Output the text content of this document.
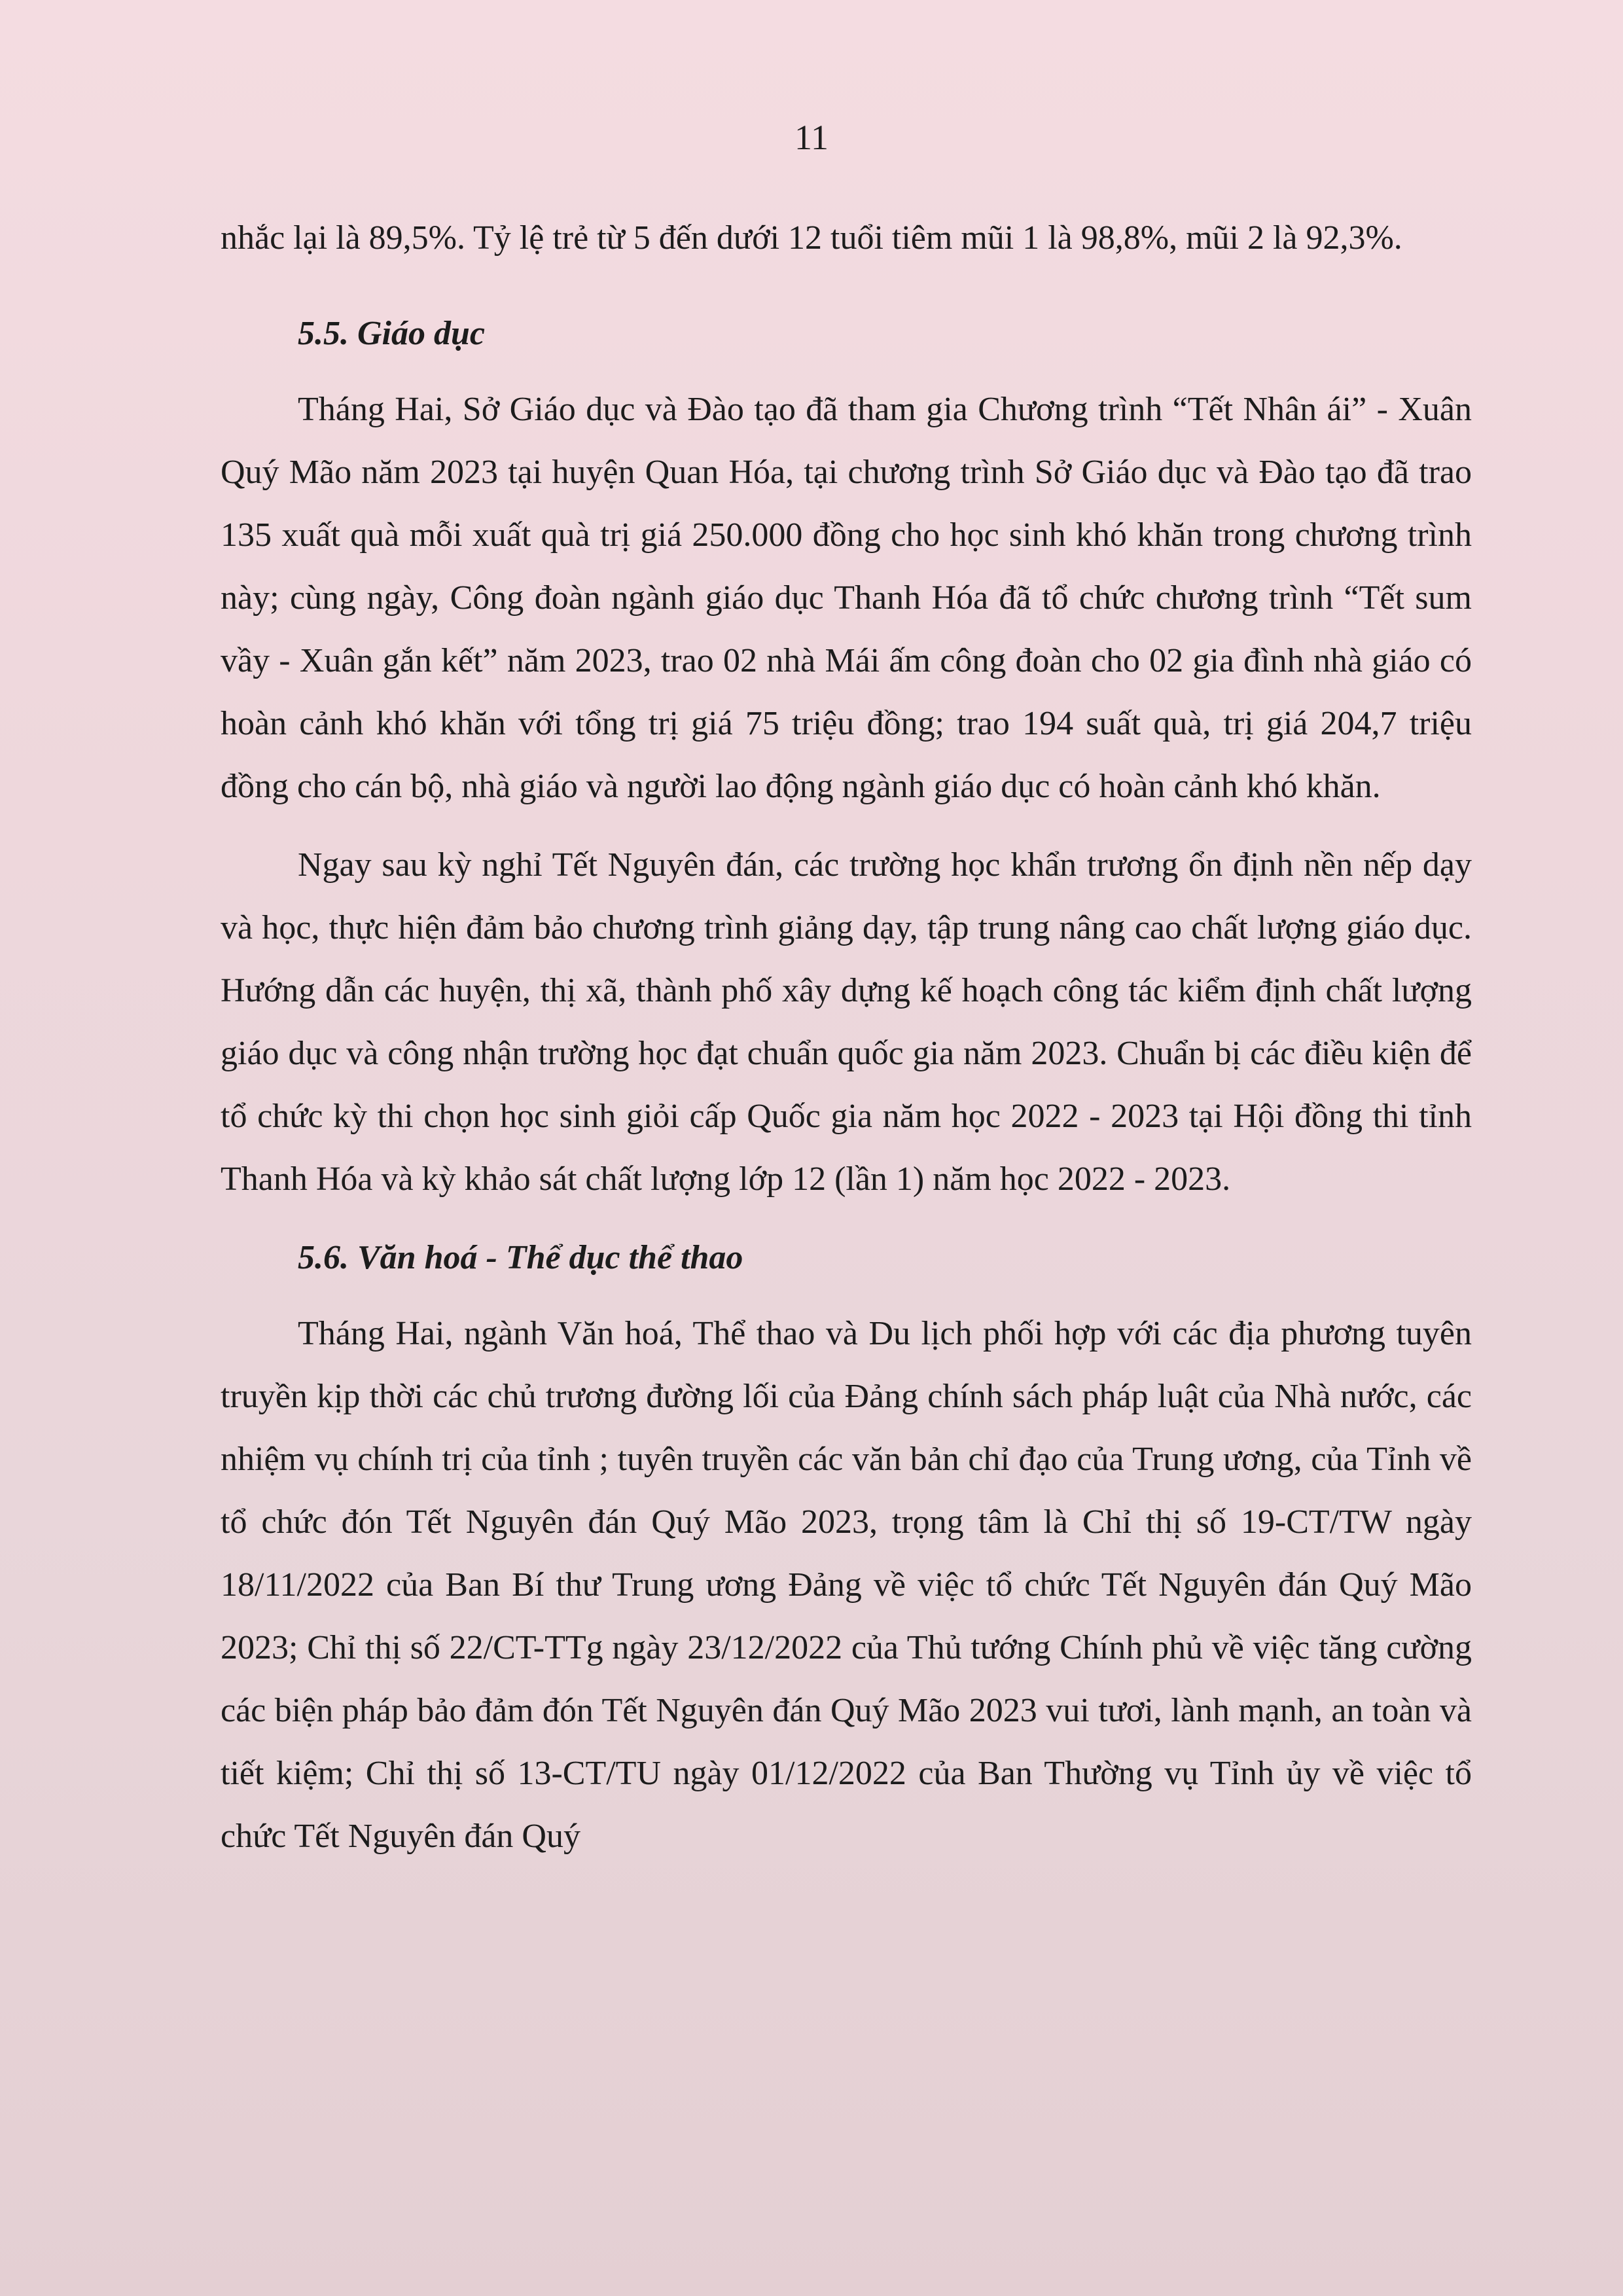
11

nhắc lại là 89,5%. Tỷ lệ trẻ từ 5 đến dưới 12 tuổi tiêm mũi 1 là 98,8%, mũi 2 là 92,3%.

5.5. Giáo dục

Tháng Hai, Sở Giáo dục và Đào tạo đã tham gia Chương trình “Tết Nhân ái” - Xuân Quý Mão năm 2023 tại huyện Quan Hóa, tại chương trình Sở Giáo dục và Đào tạo đã trao 135 xuất quà mỗi xuất quà trị giá 250.000 đồng cho học sinh khó khăn trong chương trình này; cùng ngày, Công đoàn ngành giáo dục Thanh Hóa đã tổ chức chương trình “Tết sum vầy - Xuân gắn kết” năm 2023, trao 02 nhà Mái ấm công đoàn cho 02 gia đình nhà giáo có hoàn cảnh khó khăn với tổng trị giá 75 triệu đồng; trao 194 suất quà, trị giá 204,7 triệu đồng cho cán bộ, nhà giáo và người lao động ngành giáo dục có hoàn cảnh khó khăn.

Ngay sau kỳ nghỉ Tết Nguyên đán, các trường học khẩn trương ổn định nền nếp dạy và học, thực hiện đảm bảo chương trình giảng dạy, tập trung nâng cao chất lượng giáo dục. Hướng dẫn các huyện, thị xã, thành phố xây dựng kế hoạch công tác kiểm định chất lượng giáo dục và công nhận trường học đạt chuẩn quốc gia năm 2023. Chuẩn bị các điều kiện để tổ chức kỳ thi chọn học sinh giỏi cấp Quốc gia năm học 2022 - 2023 tại Hội đồng thi tỉnh Thanh Hóa và kỳ khảo sát chất lượng lớp 12 (lần 1) năm học 2022 - 2023.

5.6. Văn hoá - Thể dục thể thao

Tháng Hai, ngành Văn hoá, Thể thao và Du lịch phối hợp với các địa phương tuyên truyền kịp thời các chủ trương đường lối của Đảng chính sách pháp luật của Nhà nước, các nhiệm vụ chính trị của tỉnh ; tuyên truyền các văn bản chỉ đạo của Trung ương, của Tỉnh về tổ chức đón Tết Nguyên đán Quý Mão 2023, trọng tâm là Chỉ thị số 19-CT/TW ngày 18/11/2022 của Ban Bí thư Trung ương Đảng về việc tổ chức Tết Nguyên đán Quý Mão 2023; Chỉ thị số 22/CT-TTg ngày 23/12/2022 của Thủ tướng Chính phủ về việc tăng cường các biện pháp bảo đảm đón Tết Nguyên đán Quý Mão 2023 vui tươi, lành mạnh, an toàn và tiết kiệm; Chỉ thị số 13-CT/TU ngày 01/12/2022 của Ban Thường vụ Tỉnh ủy về việc tổ chức Tết Nguyên đán Quý
